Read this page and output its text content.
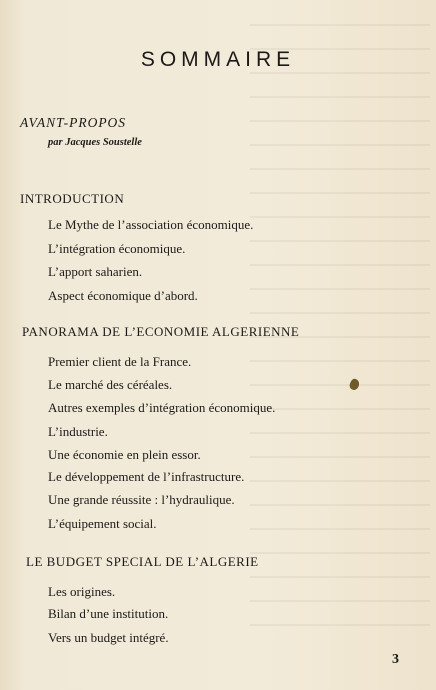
SOMMAIRE
AVANT-PROPOS
par Jacques Soustelle
INTRODUCTION
Le Mythe de l’association économique.
L’intégration économique.
L’apport saharien.
Aspect économique d’abord.
PANORAMA DE L’ECONOMIE ALGERIENNE
Premier client de la France.
Le marché des céréales.
Autres exemples d’intégration économique.
L’industrie.
Une économie en plein essor.
Le développement de l’infrastructure.
Une grande réussite : l’hydraulique.
L’équipement social.
LE BUDGET SPECIAL DE L’ALGERIE
Les origines.
Bilan d’une institution.
Vers un budget intégré.
3
